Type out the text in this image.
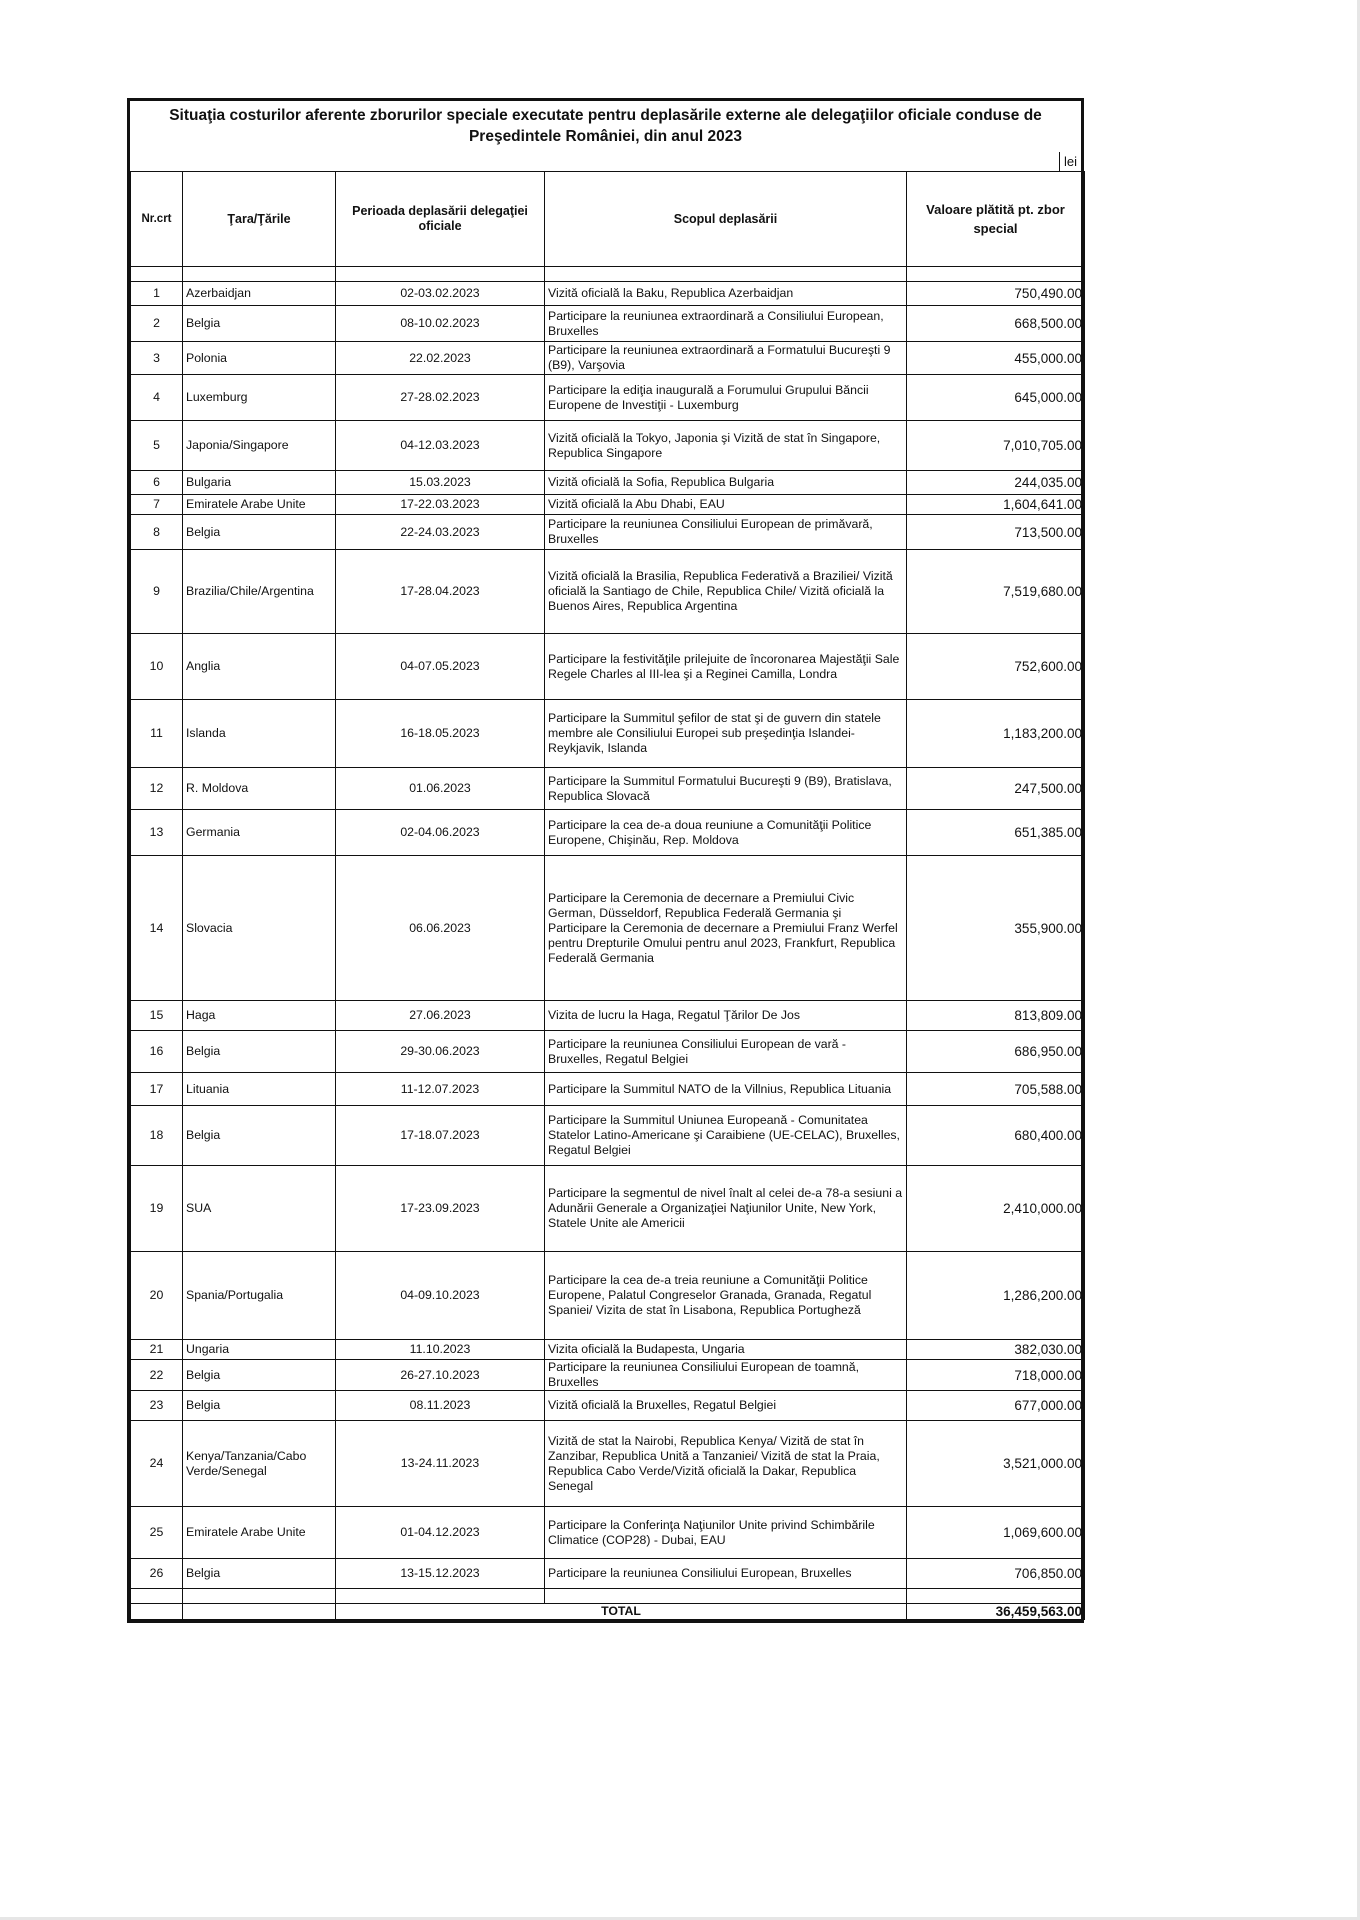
Situaţia costurilor aferente zborurilor speciale executate pentru deplasările externe ale delegaţiilor oficiale conduse de Preşedintele României, din anul 2023
lei
Nr.crt	Ţara/Ţările	Perioada deplasării delegaţiei oficiale	Scopul deplasării	Valoare plătită pt. zbor special

1	Azerbaidjan	02-03.02.2023	Vizită oficială la Baku, Republica Azerbaidjan	750,490.00
2	Belgia	08-10.02.2023	Participare la reuniunea extraordinară a Consiliului European, Bruxelles	668,500.00
3	Polonia	22.02.2023	Participare la reuniunea extraordinară a Formatului Bucureşti 9 (B9), Varşovia	455,000.00
4	Luxemburg	27-28.02.2023	Participare la ediţia inaugurală a Forumului Grupului Băncii Europene de Investiţii - Luxemburg	645,000.00
5	Japonia/Singapore	04-12.03.2023	Vizită oficială la Tokyo, Japonia şi Vizită de stat în Singapore, Republica Singapore	7,010,705.00
6	Bulgaria	15.03.2023	Vizită oficială la Sofia, Republica Bulgaria	244,035.00
7	Emiratele Arabe Unite	17-22.03.2023	Vizită oficială la Abu Dhabi, EAU	1,604,641.00
8	Belgia	22-24.03.2023	Participare la reuniunea Consiliului European de primăvară, Bruxelles	713,500.00
9	Brazilia/Chile/Argentina	17-28.04.2023	Vizită oficială la Brasilia, Republica Federativă a Braziliei/ Vizită oficială la Santiago de Chile, Republica Chile/ Vizită oficială la Buenos Aires, Republica Argentina	7,519,680.00
10	Anglia	04-07.05.2023	Participare la festivităţile prilejuite de încoronarea Majestăţii Sale Regele Charles al III-lea şi a Reginei Camilla, Londra	752,600.00
11	Islanda	16-18.05.2023	Participare la Summitul şefilor de stat şi de guvern din statele membre ale Consiliului Europei sub preşedinţia Islandei- Reykjavik, Islanda	1,183,200.00
12	R. Moldova	01.06.2023	Participare la Summitul Formatului Bucureşti 9 (B9), Bratislava, Republica Slovacă	247,500.00
13	Germania	02-04.06.2023	Participare la cea de-a doua reuniune a Comunităţii Politice Europene, Chişinău, Rep. Moldova	651,385.00
14	Slovacia	06.06.2023	Participare la Ceremonia de decernare a Premiului Civic German, Düsseldorf, Republica Federală Germania şi Participare la Ceremonia de decernare a Premiului Franz Werfel pentru Drepturile Omului pentru anul 2023, Frankfurt, Republica Federală Germania	355,900.00
15	Haga	27.06.2023	Vizita de lucru la Haga, Regatul Ţărilor De Jos	813,809.00
16	Belgia	29-30.06.2023	Participare la reuniunea Consiliului European de vară - Bruxelles, Regatul Belgiei	686,950.00
17	Lituania	11-12.07.2023	Participare la Summitul NATO de la Villnius, Republica Lituania	705,588.00
18	Belgia	17-18.07.2023	Participare la Summitul Uniunea Europeană - Comunitatea Statelor Latino-Americane şi Caraibiene (UE-CELAC), Bruxelles, Regatul Belgiei	680,400.00
19	SUA	17-23.09.2023	Participare la segmentul de nivel înalt al celei de-a 78-a sesiuni a Adunării Generale a Organizaţiei Naţiunilor Unite, New York, Statele Unite ale Americii	2,410,000.00
20	Spania/Portugalia	04-09.10.2023	Participare la cea de-a treia reuniune a Comunităţii Politice Europene, Palatul Congreselor Granada, Granada, Regatul Spaniei/ Vizita de stat în Lisabona, Republica Portugheză	1,286,200.00
21	Ungaria	11.10.2023	Vizita oficială la Budapesta, Ungaria	382,030.00
22	Belgia	26-27.10.2023	Participare la reuniunea Consiliului European de toamnă, Bruxelles	718,000.00
23	Belgia	08.11.2023	Vizită oficială la Bruxelles, Regatul Belgiei	677,000.00
24	Kenya/Tanzania/Cabo Verde/Senegal	13-24.11.2023	Vizită de stat la Nairobi, Republica Kenya/ Vizită de stat în Zanzibar, Republica Unită a Tanzaniei/ Vizită de stat la Praia, Republica Cabo Verde/Vizită oficială la Dakar, Republica Senegal	3,521,000.00
25	Emiratele Arabe Unite	01-04.12.2023	Participare la Conferinţa Naţiunilor Unite privind Schimbările Climatice (COP28) - Dubai, EAU	1,069,600.00
26	Belgia	13-15.12.2023	Participare la reuniunea Consiliului European, Bruxelles	706,850.00

		TOTAL		36,459,563.00
